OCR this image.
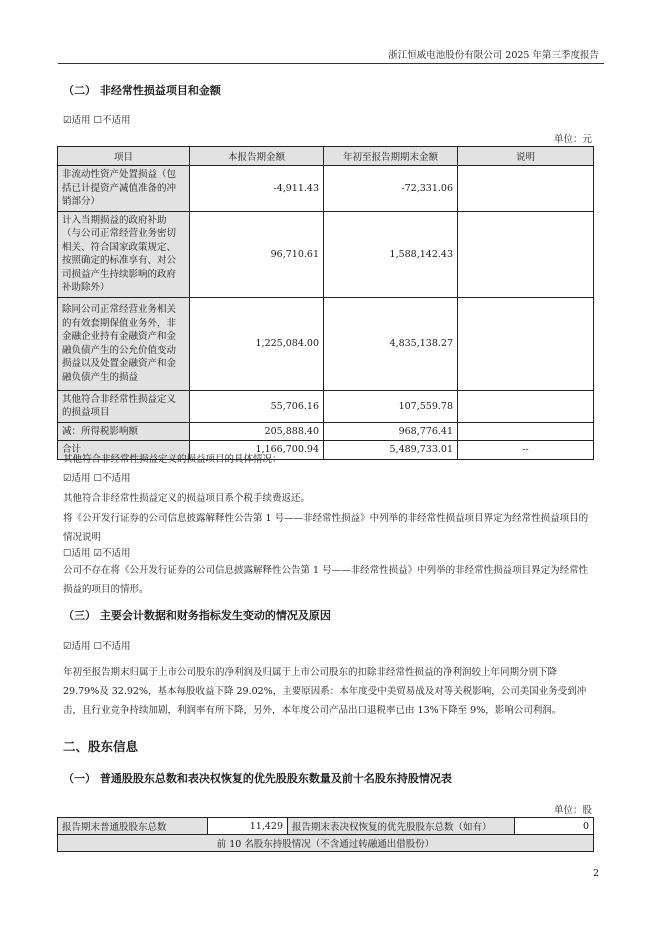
浙江恒威电池股份有限公司 2025 年第三季度报告
（二） 非经常性损益项目和金额
☑适用 ☐不适用
单位：元
项目	本报告期金额	年初至报告期期末金额	说明
非流动性资产处置损益（包括已计提资产减值准备的冲销部分）	-4,911.43	-72,331.06	
计入当期损益的政府补助（与公司正常经营业务密切相关、符合国家政策规定、按照确定的标准享有、对公司损益产生持续影响的政府补助除外）	96,710.61	1,588,142.43	
除同公司正常经营业务相关的有效套期保值业务外，非金融企业持有金融资产和金融负债产生的公允价值变动损益以及处置金融资产和金融负债产生的损益	1,225,084.00	4,835,138.27	
其他符合非经常性损益定义的损益项目	55,706.16	107,559.78	
减：所得税影响额	205,888.40	968,776.41	
合计	1,166,700.94	5,489,733.01	--
其他符合非经常性损益定义的损益项目的具体情况：
☑适用 ☐不适用
其他符合非经常性损益定义的损益项目系个税手续费返还。
将《公开发行证券的公司信息披露解释性公告第 1 号——非经常性损益》中列举的非经常性损益项目界定为经常性损益项目的情况说明
☐适用 ☑不适用
公司不存在将《公开发行证券的公司信息披露解释性公告第 1 号——非经常性损益》中列举的非经常性损益项目界定为经常性损益的项目的情形。
（三） 主要会计数据和财务指标发生变动的情况及原因
☑适用 ☐不适用
年初至报告期末归属于上市公司股东的净利润及归属于上市公司股东的扣除非经常性损益的净利润较上年同期分别下降 29.79%及 32.92%，基本每股收益下降 29.02%，主要原因系：本年度受中美贸易战及对等关税影响，公司美国业务受到冲击，且行业竞争持续加剧，利润率有所下降，另外，本年度公司产品出口退税率已由 13%下降至 9%，影响公司利润。
二、股东信息
（一） 普通股股东总数和表决权恢复的优先股股东数量及前十名股东持股情况表
单位：股
报告期末普通股股东总数	11,429	报告期末表决权恢复的优先股股东总数（如有）	0
前 10 名股东持股情况（不含通过转融通出借股份）
2
